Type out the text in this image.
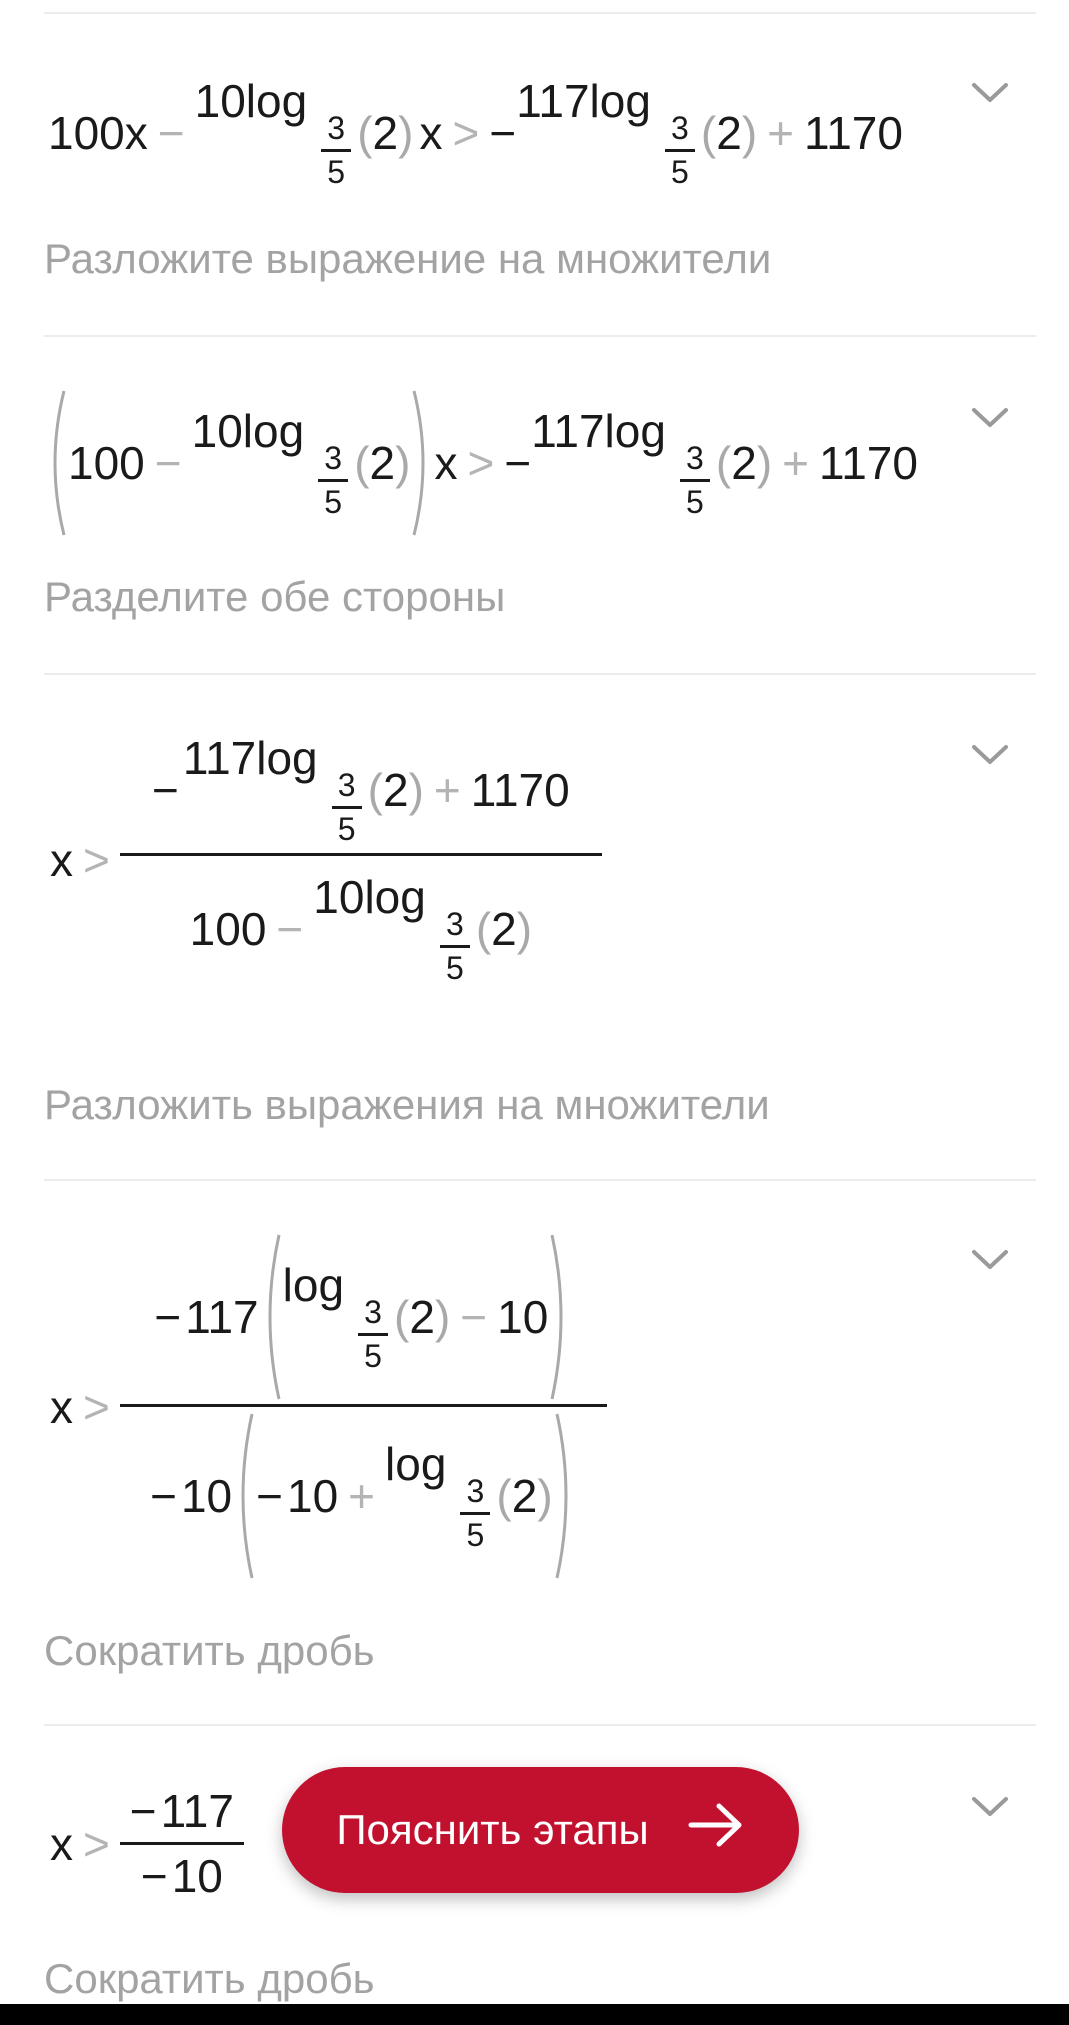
100x −
10log
3
5
( 2 ) x > −
117log
3
5
( 2 ) + 1170
Разложите выражение на множители
100 −
10log
3
5
( 2 ) x > −
117log
3
5
( 2 ) + 1170
Разделите обе стороны
x >
−
117log
3
5
( 2 ) + 1170
100 −
10log
3
5
( 2 )
Разложить выражения на множители
x >
− 117
log
3
5
( 2 ) − 10
− 10 − 10 +
log
3
5
( 2 )
Сократить дробь
$x > \frac{- 117}{- 10}$
Сократить дробь
Пояснить этапы
